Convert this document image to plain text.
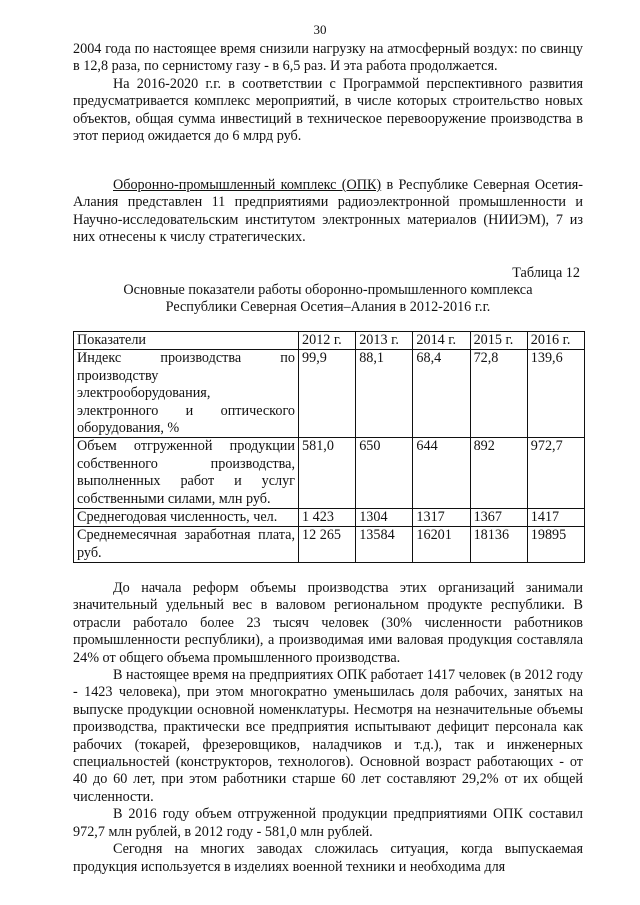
30
2004 года по настоящее время снизили нагрузку на атмосферный воздух: по свинцу в 12,8 раза, по сернистому газу - в 6,5 раз. И эта работа продолжается.
На 2016-2020 г.г. в соответствии с Программой перспективного развития предусматривается комплекс мероприятий, в числе которых строительство новых объектов, общая сумма инвестиций в техническое перевооружение производства в этот период ожидается до 6 млрд руб.
Оборонно-промышленный комплекс (ОПК) в Республике Северная Осетия-Алания представлен 11 предприятиями радиоэлектронной промышленности и Научно-исследовательским институтом электронных материалов (НИИЭМ), 7 из них отнесены к числу стратегических.
Таблица 12
Основные показатели работы оборонно-промышленного комплекса
Республики Северная Осетия–Алания в 2012-2016 г.г.
Показатели	2012 г.	2013 г.	2014 г.	2015 г.	2016 г.
Индекс производства по производству электрооборудования, электронного и оптического оборудования, %	99,9	88,1	68,4	72,8	139,6
Объем отгруженной продукции собственного производства, выполненных работ и услуг собственными силами, млн руб.	581,0	650	644	892	972,7
Среднегодовая численность, чел.	1 423	1304	1317	1367	1417
Среднемесячная заработная плата, руб.	12 265	13584	16201	18136	19895
До начала реформ объемы производства этих организаций занимали значительный удельный вес в валовом региональном продукте республики. В отрасли работало более 23 тысяч человек (30% численности работников промышленности республики), а производимая ими валовая продукция составляла 24% от общего объема промышленного производства.
В настоящее время на предприятиях ОПК работает 1417 человек (в 2012 году - 1423 человека), при этом многократно уменьшилась доля рабочих, занятых на выпуске продукции основной номенклатуры. Несмотря на незначительные объемы производства, практически все предприятия испытывают дефицит персонала как рабочих (токарей, фрезеровщиков, наладчиков и т.д.), так и инженерных специальностей (конструкторов, технологов). Основной возраст работающих - от 40 до 60 лет, при этом работники старше 60 лет составляют 29,2% от их общей численности.
В 2016 году объем отгруженной продукции предприятиями ОПК составил 972,7 млн рублей, в 2012 году - 581,0 млн рублей.
Сегодня на многих заводах сложилась ситуация, когда выпускаемая продукция используется в изделиях военной техники и необходима для
